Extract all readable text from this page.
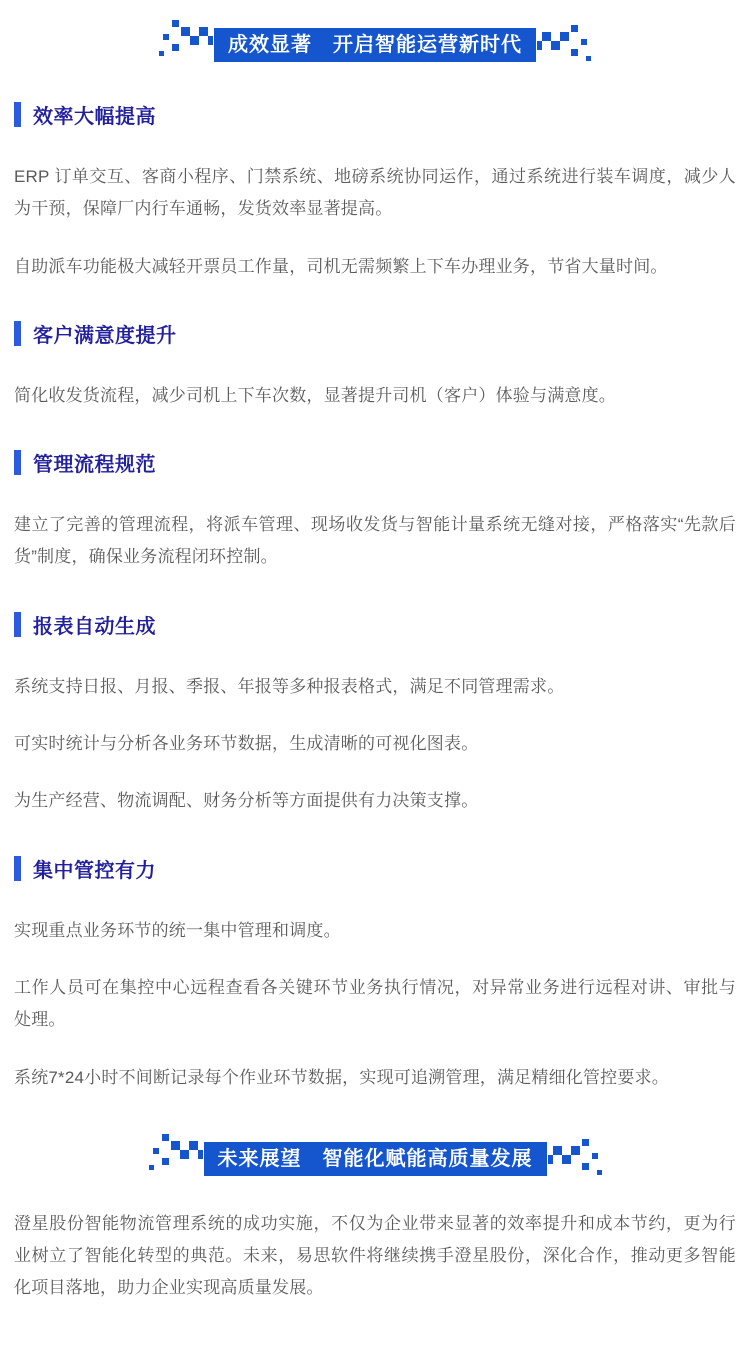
成效显著　开启智能运营新时代
效率大幅提高

ERP 订单交互、客商小程序、门禁系统、地磅系统协同运作，通过系统进行装车调度，减少人为干预，保障厂内行车通畅，发货效率显著提高。

自助派车功能极大减轻开票员工作量，司机无需频繁上下车办理业务，节省大量时间。

客户满意度提升

简化收发货流程，减少司机上下车次数，显著提升司机（客户）体验与满意度。

管理流程规范

建立了完善的管理流程，将派车管理、现场收发货与智能计量系统无缝对接，严格落实“先款后货”制度，确保业务流程闭环控制。

报表自动生成

系统支持日报、月报、季报、年报等多种报表格式，满足不同管理需求。

可实时统计与分析各业务环节数据，生成清晰的可视化图表。

为生产经营、物流调配、财务分析等方面提供有力决策支撑。

集中管控有力

实现重点业务环节的统一集中管理和调度。

工作人员可在集控中心远程查看各关键环节业务执行情况，对异常业务进行远程对讲、审批与处理。

系统7*24小时不间断记录每个作业环节数据，实现可追溯管理，满足精细化管控要求。

未来展望　智能化赋能高质量发展

澄星股份智能物流管理系统的成功实施，不仅为企业带来显著的效率提升和成本节约，更为行业树立了智能化转型的典范。未来，易思软件将继续携手澄星股份，深化合作，推动更多智能化项目落地，助力企业实现高质量发展。
